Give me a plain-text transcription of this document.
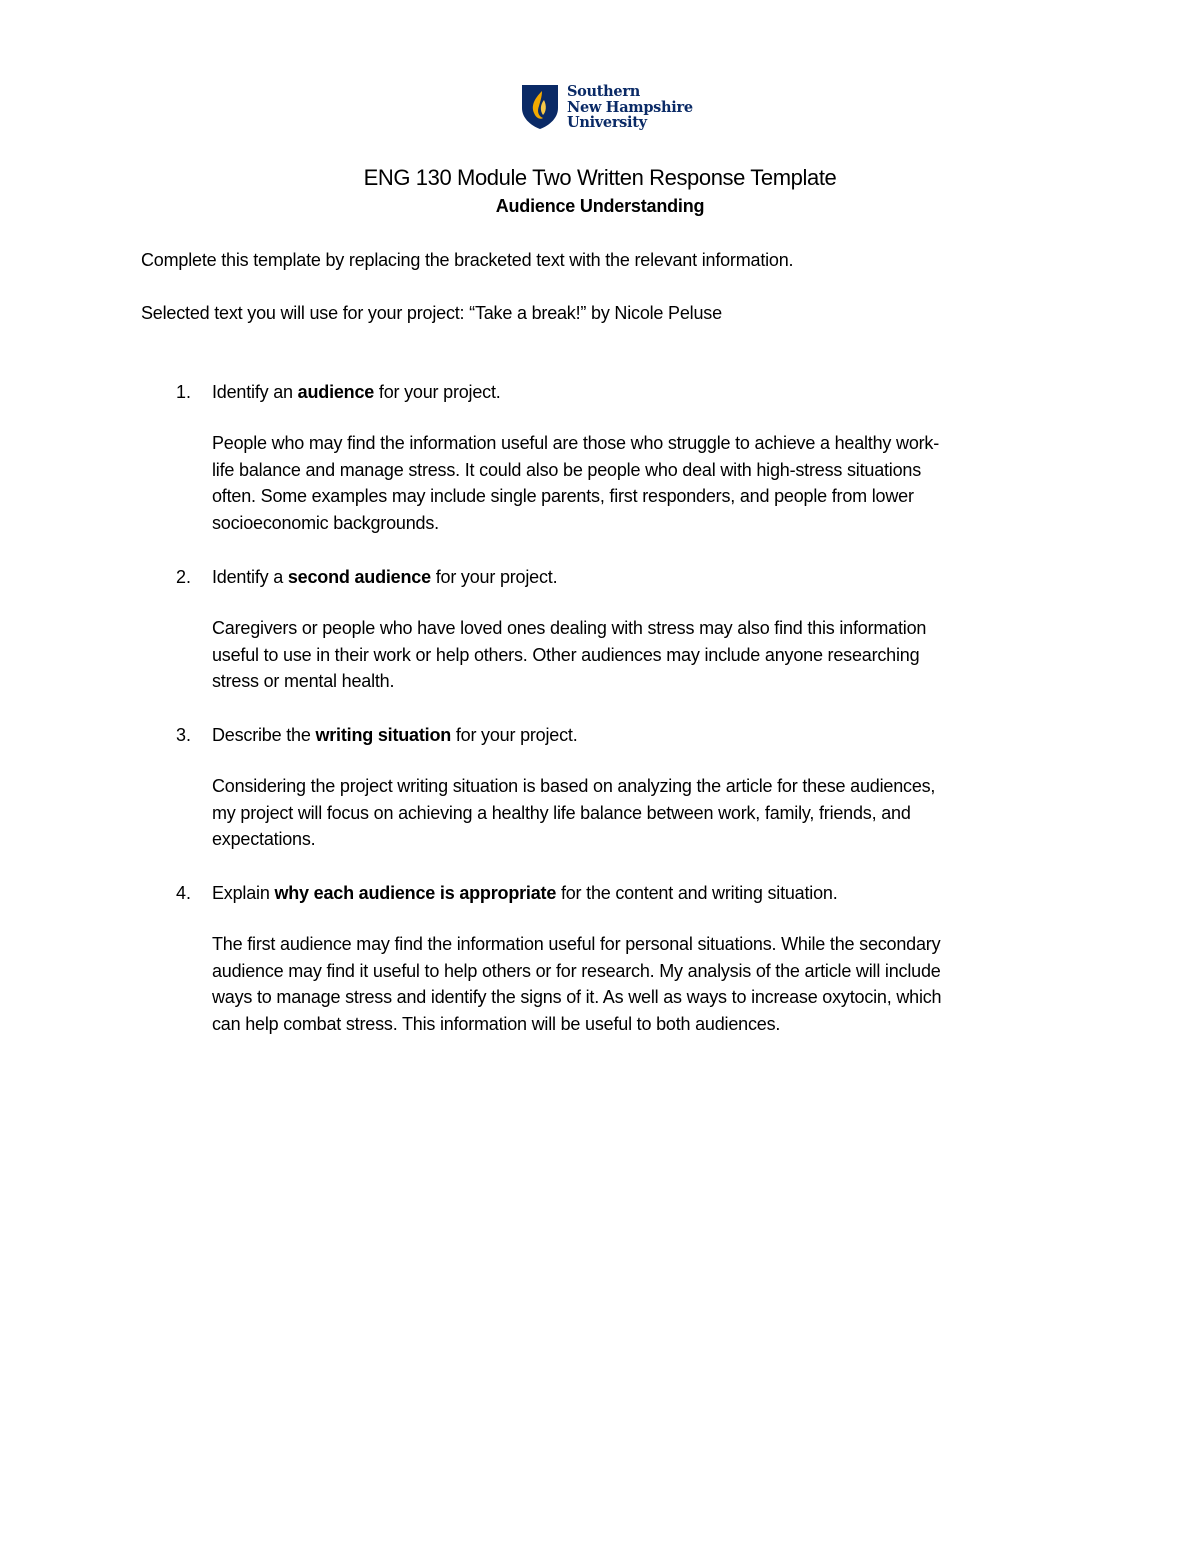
Southern
New Hampshire
University
ENG 130 Module Two Written Response Template
Audience Understanding
Complete this template by replacing the bracketed text with the relevant information.
Selected text you will use for your project: “Take a break!” by Nicole Peluse
1. Identify an audience for your project.
People who may find the information useful are those who struggle to achieve a healthy work-
life balance and manage stress. It could also be people who deal with high-stress situations
often. Some examples may include single parents, first responders, and people from lower
socioeconomic backgrounds.
2. Identify a second audience for your project.
Caregivers or people who have loved ones dealing with stress may also find this information
useful to use in their work or help others. Other audiences may include anyone researching
stress or mental health.
3. Describe the writing situation for your project.
Considering the project writing situation is based on analyzing the article for these audiences,
my project will focus on achieving a healthy life balance between work, family, friends, and
expectations.
4. Explain why each audience is appropriate for the content and writing situation.
The first audience may find the information useful for personal situations. While the secondary
audience may find it useful to help others or for research. My analysis of the article will include
ways to manage stress and identify the signs of it. As well as ways to increase oxytocin, which
can help combat stress. This information will be useful to both audiences.
